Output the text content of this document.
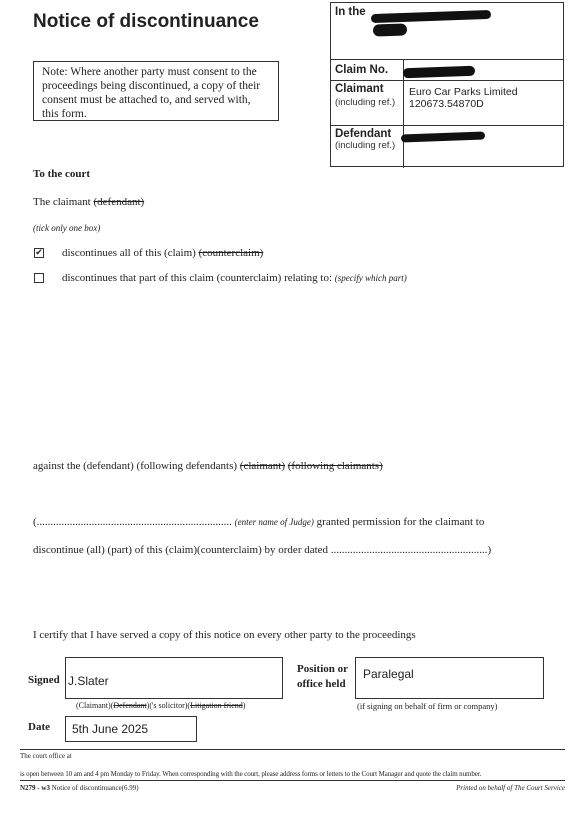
Notice of discontinuance
Note: Where another party must consent to the proceedings being discontinued, a copy of their consent must be attached to, and served with, this form.
In the
Claim No.
Claimant
(including ref.)
Euro Car Parks Limited
120673.54870D
Defendant
(including ref.)
To the court
The claimant (defendant)
(tick only one box)
✔ discontinues all of this (claim) (counterclaim)
discontinues that part of this claim (counterclaim) relating to: (specify which part)
against the (defendant) (following defendants) (claimant) (following claimants)
(....................................................................... (enter name of Judge) granted permission for the claimant to
discontinue (all) (part) of this (claim)(counterclaim) by order dated .........................................................)
I certify that I have served a copy of this notice on every other party to the proceedings
Signed J.Slater
(Claimant)(Defendant)('s solicitor)(Litigation friend)
Position or
office held
Paralegal
(if signing on behalf of firm or company)
Date	5th June 2025
The court office at
is open between 10 am and 4 pm Monday to Friday. When corresponding with the court, please address forms or letters to the Court Manager and quote the claim number.
N279 - w3 Notice of discontinuance(6.99)	Printed on behalf of The Court Service
